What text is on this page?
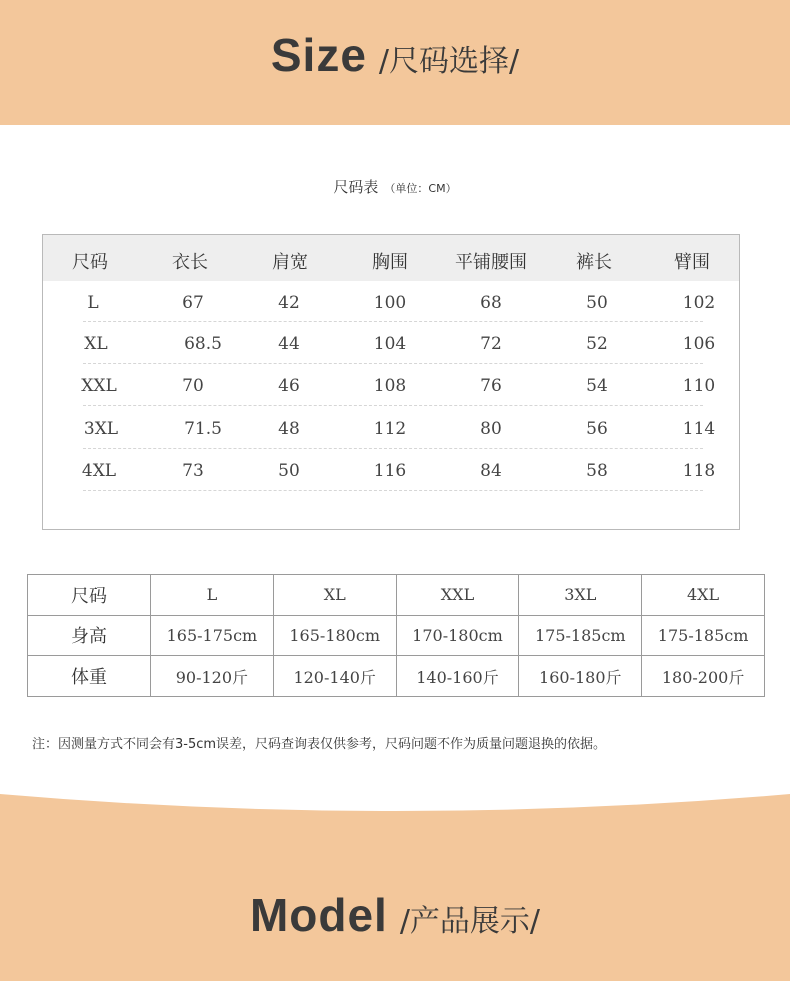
Size /尺码选择/
尺码表 （单位：CM）
尺码	衣长	肩宽	胸围	平铺腰围	裤长	臂围
L	67	42	100	68	50	102
XL	68.5	44	104	72	52	106
XXL	70	46	108	76	54	110
3XL	71.5	48	112	80	56	114
4XL	73	50	116	84	58	118
尺码	L	XL	XXL	3XL	4XL
身高	165-175cm	165-180cm	170-180cm	175-185cm	175-185cm
体重	90-120斤	120-140斤	140-160斤	160-180斤	180-200斤
注：因测量方式不同会有3-5cm误差，尺码查询表仅供参考，尺码问题不作为质量问题退换的依据。
Model /产品展示/
